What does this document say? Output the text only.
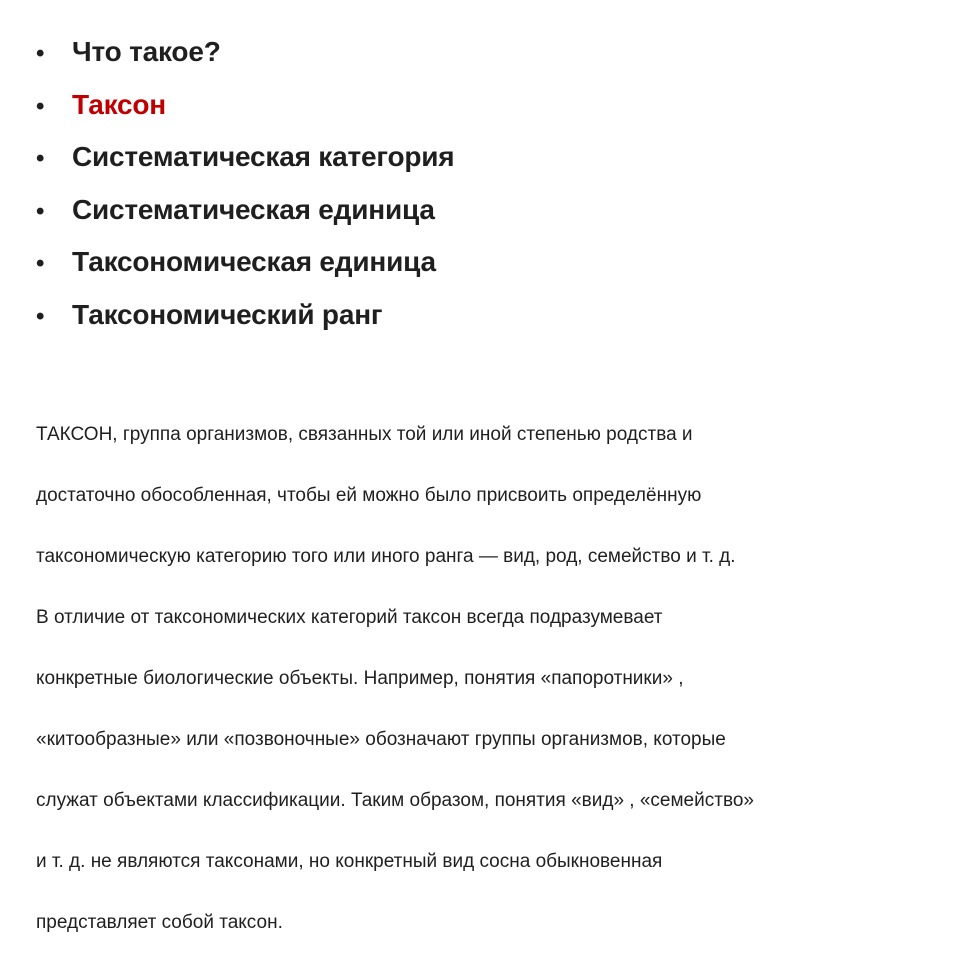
• Что такое?
• Таксон
• Систематическая категория
• Систематическая единица
• Таксономическая единица
• Таксономический ранг

ТАКСОН, группа организмов, связанных той или иной степенью родства и

достаточно обособленная, чтобы ей можно было присвоить определённую

таксономическую категорию того или иного ранга — вид, род, семейство и т. д.

В отличие от таксономических категорий таксон всегда подразумевает

конкретные биологические объекты. Например, понятия «папоротники» ,

«китообразные» или «позвоночные» обозначают группы организмов, которые

служат объектами классификации. Таким образом, понятия «вид» , «семейство»

и т. д. не являются таксонами, но конкретный вид сосна обыкновенная

представляет собой таксон.
